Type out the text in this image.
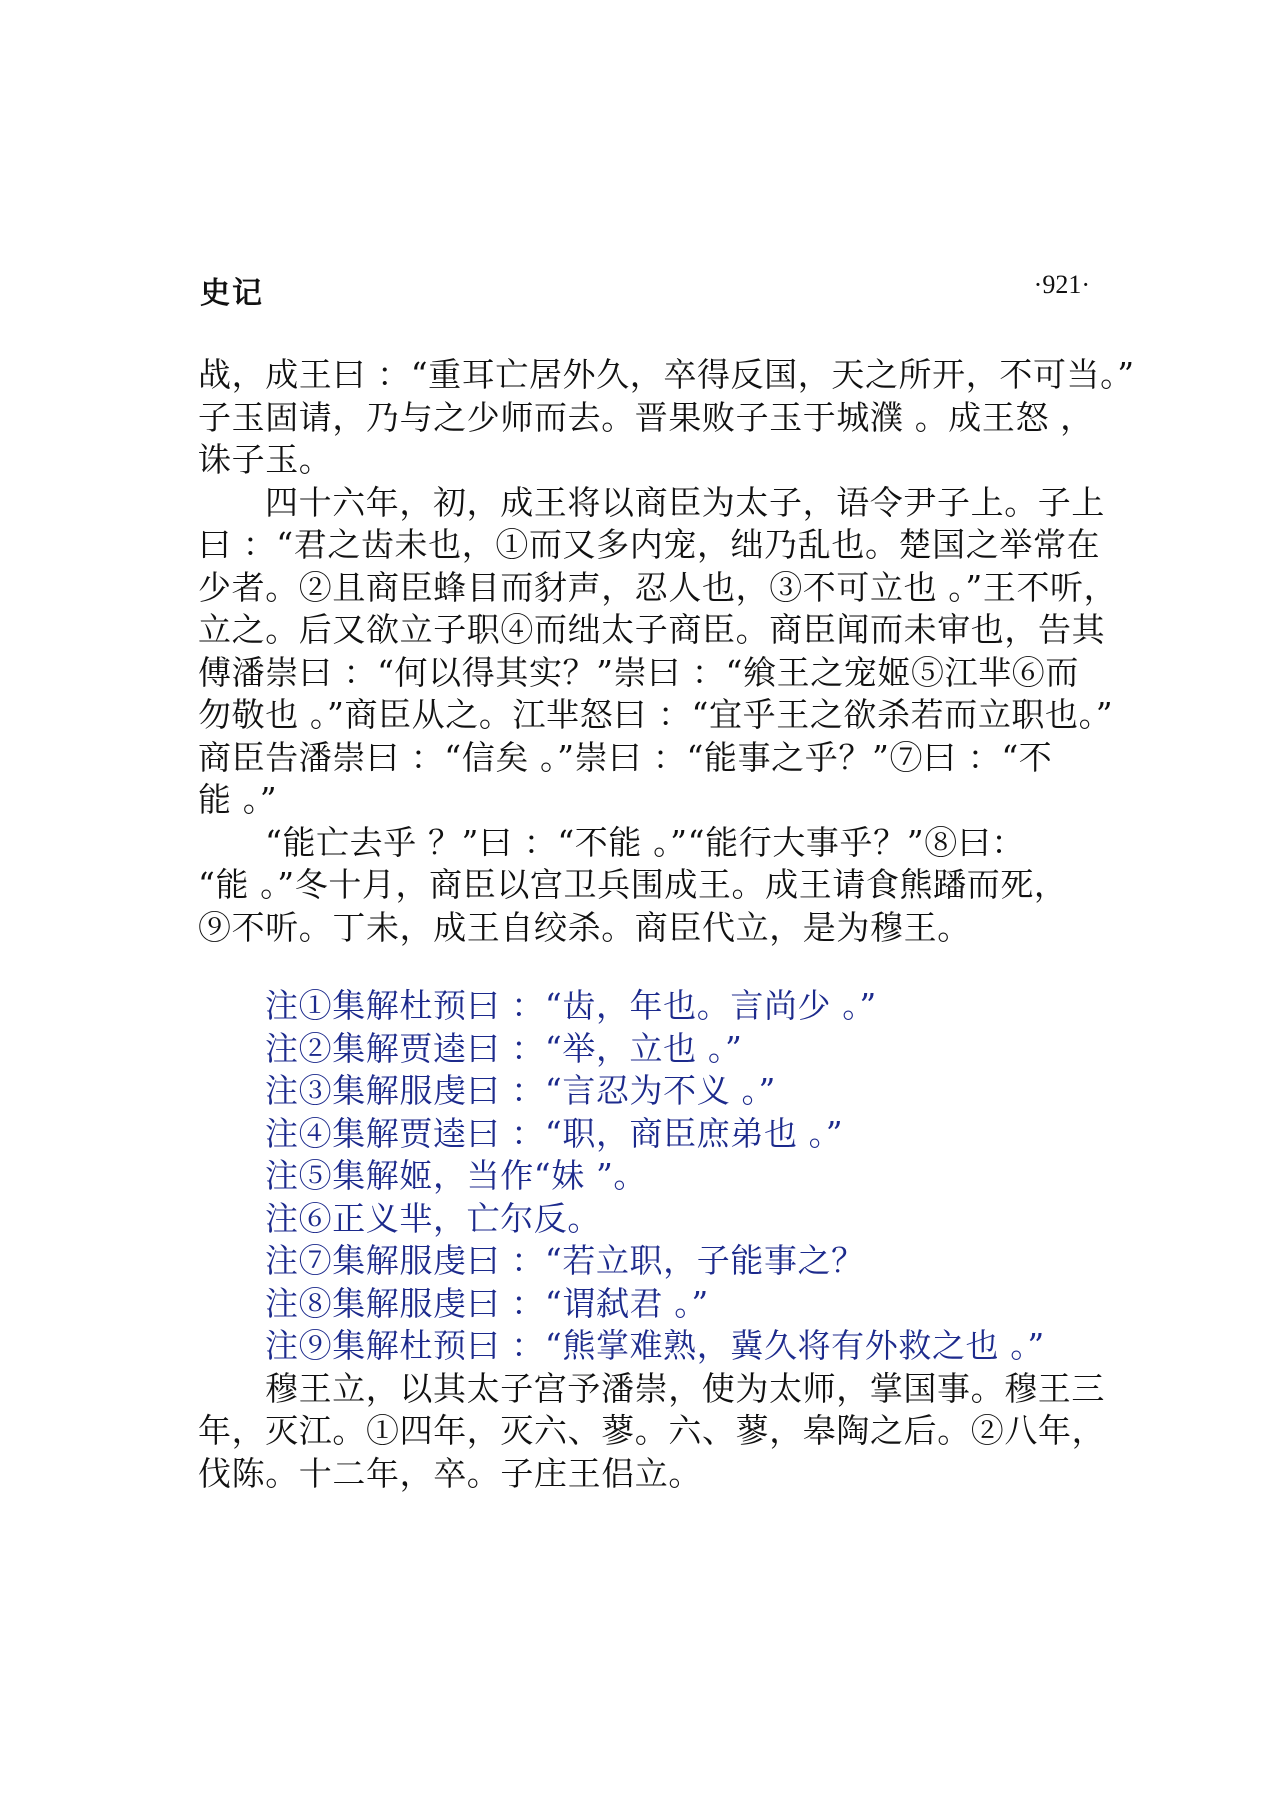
史记	·921·
战，成王曰 ：“重耳亡居外久，卒得反国，天之所开，不可当。”
子玉固请，乃与之少师而去。晋果败子玉于城濮 。成王怒 ，
诛子玉。
四十六年，初，成王将以商臣为太子，语令尹子上。子上
曰 ：“君之齿未也，①而又多内宠，绌乃乱也。楚国之举常在
少者。②且商臣蜂目而豺声，忍人也，③不可立也 。”王不听，
立之。后又欲立子职④而绌太子商臣。商臣闻而未审也，告其
傅潘崇曰 ：“何以得其实？”崇曰 ：“飨王之宠姬⑤江芈⑥而
勿敬也 。”商臣从之。江芈怒曰 ：“宜乎王之欲杀若而立职也。”
商臣告潘崇曰 ：“信矣 。”崇曰 ：“能事之乎？”⑦曰 ：“不
能 。”
“能亡去乎 ？”曰 ：“不能 。”“能行大事乎？”⑧曰：
“能 。”冬十月，商臣以宫卫兵围成王。成王请食熊蹯而死，
⑨不听。丁未，成王自绞杀。商臣代立，是为穆王。
注①集解杜预曰 ：“齿，年也。言尚少 。”
注②集解贾逵曰 ：“举，立也 。”
注③集解服虔曰 ：“言忍为不义 。”
注④集解贾逵曰 ：“职，商臣庶弟也 。”
注⑤集解姬，当作“妹 ”。
注⑥正义芈，亡尔反。
注⑦集解服虔曰 ：“若立职，子能事之？
注⑧集解服虔曰 ：“谓弑君 。”
注⑨集解杜预曰 ：“熊掌难熟，冀久将有外救之也 。”
穆王立，以其太子宫予潘崇，使为太师，掌国事。穆王三
年，灭江。①四年，灭六、蓼。六、蓼，皋陶之后。②八年，
伐陈。十二年，卒。子庄王侣立。
